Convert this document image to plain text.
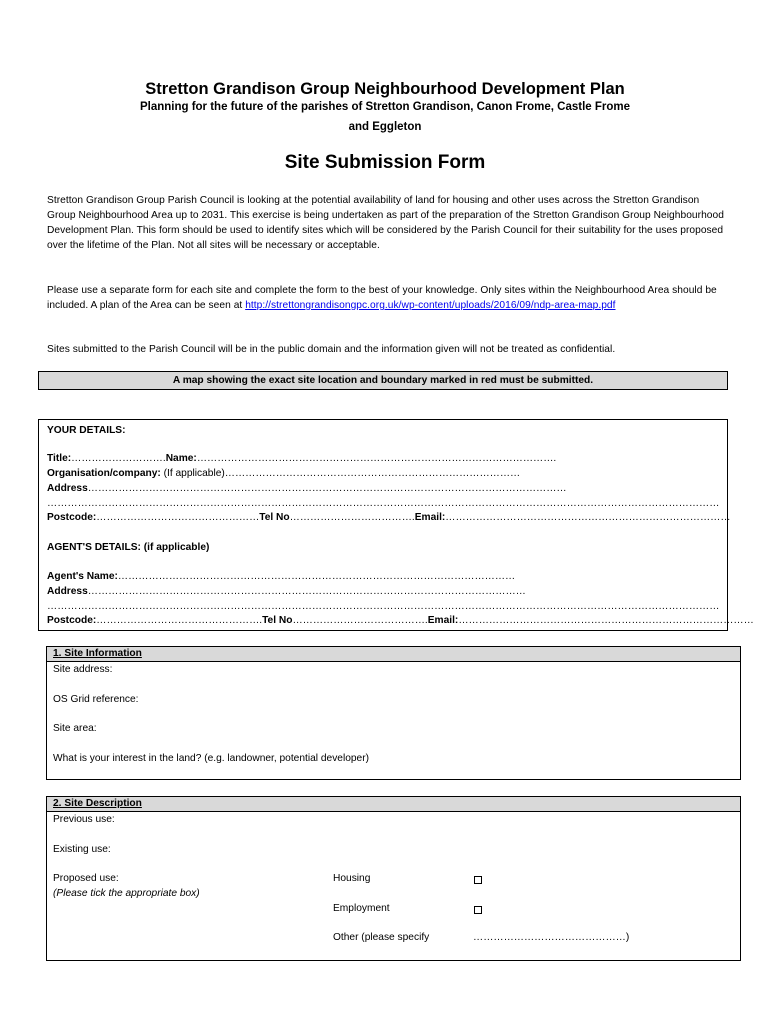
Stretton Grandison Group Neighbourhood Development Plan
Planning for the future of the parishes of Stretton Grandison, Canon Frome, Castle Frome
and Eggleton
Site Submission Form
Stretton Grandison Group Parish Council is looking at the potential availability of land for housing and other uses across the Stretton Grandison Group Neighbourhood Area up to 2031. This exercise is being undertaken as part of the preparation of the Stretton Grandison Group Neighbourhood Development Plan. This form should be used to identify sites which will be considered by the Parish Council for their suitability for the uses proposed over the lifetime of the Plan. Not all sites will be necessary or acceptable.
Please use a separate form for each site and complete the form to the best of your knowledge. Only sites within the Neighbourhood Area should be included. A plan of the Area can be seen at http://strettongrandisongpc.org.uk/wp-content/uploads/2016/09/ndp-area-map.pdf
Sites submitted to the Parish Council will be in the public domain and the information given will not be treated as confidential.
A map showing the exact site location and boundary marked in red must be submitted.
YOUR DETAILS:
Title:……………………….Name:…………………………………………………………………………………………….
Organisation/company: (If applicable)……………………………………………………………………………
Address……………………………………………………………………………………………………………………………
………………………………………………………………………………………………………………………………………………………………………………
Postcode:…………………………………………Tel No……………………………….Email:…………………………………………………………………………
AGENT'S DETAILS: (if applicable)
Agent's Name:………………………………………………………………………………………………………
Address…………………………………………………………………………………………………………………
………………………………………………………………………………………………………………………………………………………………………………
Postcode:………………………………………….Tel No………………………………….Email:……………………………………………………………………………
1. Site Information
Site address:
OS Grid reference:
Site area:
What is your interest in the land? (e.g. landowner, potential developer)
2. Site Description
Previous use:
Existing use:
Proposed use:
(Please tick the appropriate box)
Housing
Employment
Other (please specify	………………………………………)
